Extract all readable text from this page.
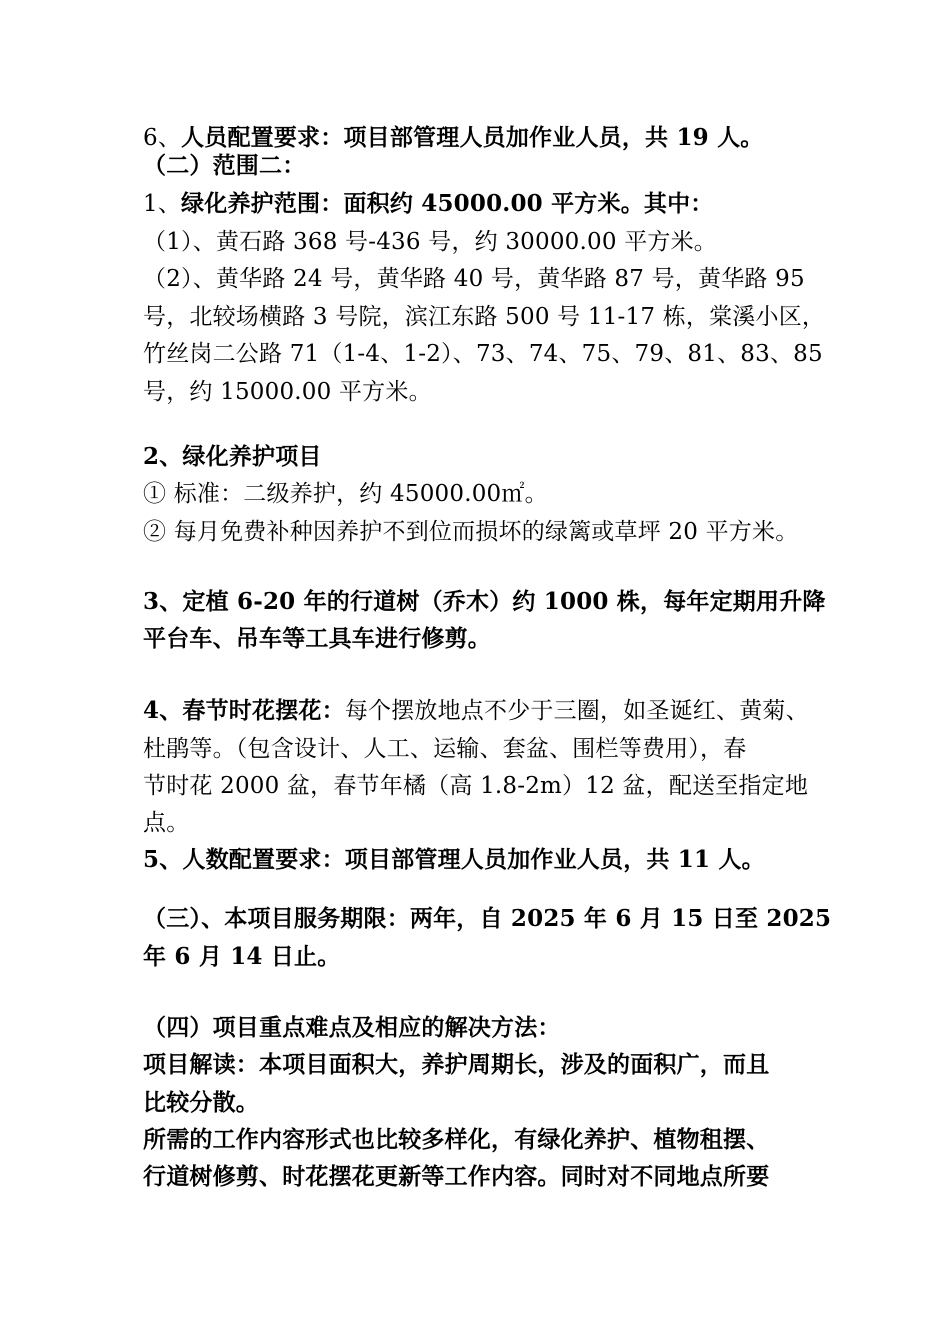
6、人员配置要求：项目部管理人员加作业人员，共 19 人。
（二）范围二：
1、绿化养护范围：面积约 45000.00 平方米。其中：
（1）、黄石路 368 号-436 号，约 30000.00 平方米。
（2）、黄华路 24 号，黄华路 40 号，黄华路 87 号，黄华路 95
号，北较场横路 3 号院，滨江东路 500 号 11-17 栋，棠溪小区，
竹丝岗二公路 71（1-4、1-2）、73、74、75、79、81、83、85
号，约 15000.00 平方米。
2、绿化养护项目
① 标准：二级养护，约 45000.00㎡。
② 每月免费补种因养护不到位而损坏的绿篱或草坪 20 平方米。
3、定植 6-20 年的行道树（乔木）约 1000 株，每年定期用升降
平台车、吊车等工具车进行修剪。
4、春节时花摆花：每个摆放地点不少于三圈，如圣诞红、黄菊、
杜鹃等。（包含设计、人工、运输、套盆、围栏等费用），春
节时花 2000 盆，春节年橘（高 1.8-2m）12 盆，配送至指定地
点。
5、人数配置要求：项目部管理人员加作业人员，共 11 人。
（三）、本项目服务期限：两年，自 2025 年 6 月 15 日至 2025
年 6 月 14 日止。
（四）项目重点难点及相应的解决方法：
项目解读：本项目面积大，养护周期长，涉及的面积广，而且
比较分散。
所需的工作内容形式也比较多样化，有绿化养护、植物租摆、
行道树修剪、时花摆花更新等工作内容。同时对不同地点所要
